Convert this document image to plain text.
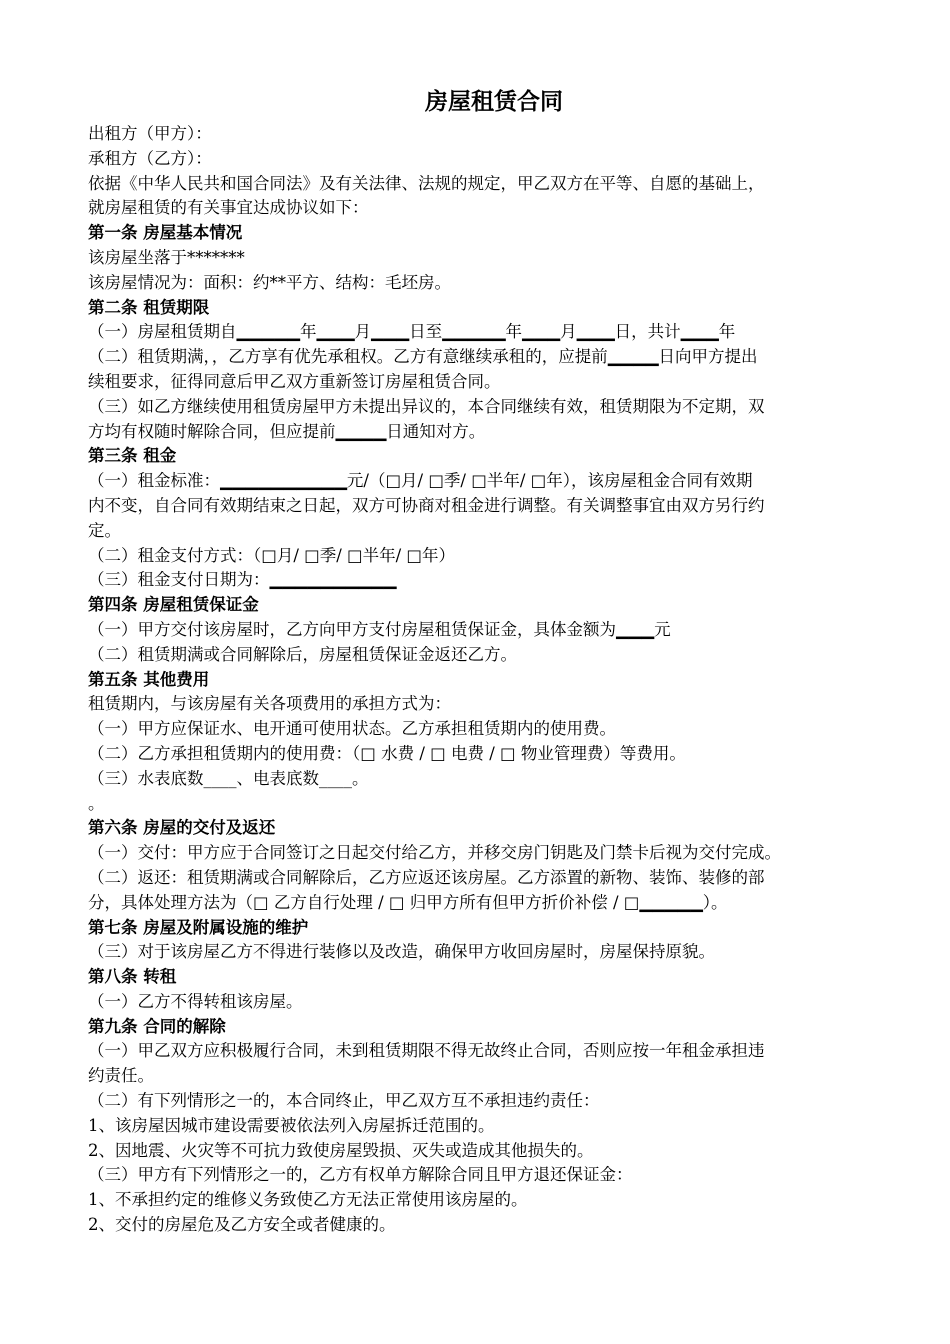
房屋租赁合同
出租方（甲方）：
承租方（乙方）：
依据《中华人民共和国合同法》及有关法律、法规的规定，甲乙双方在平等、自愿的基础上，
就房屋租赁的有关事宜达成协议如下：
第一条 房屋基本情况
该房屋坐落于*******
该房屋情况为：面积：约**平方、结构：毛坯房。
第二条 租赁期限
（一）房屋租赁期自▁▁▁▁▁年▁▁▁月▁▁▁日至▁▁▁▁▁年▁▁▁月▁▁▁日，共计▁▁▁年
（二）租赁期满，，乙方享有优先承租权。乙方有意继续承租的，应提前▁▁▁▁日向甲方提出
续租要求，征得同意后甲乙双方重新签订房屋租赁合同。
（三）如乙方继续使用租赁房屋甲方未提出异议的，本合同继续有效，租赁期限为不定期，双
方均有权随时解除合同，但应提前▁▁▁▁日通知对方。
第三条 租金
（一）租金标准：▁▁▁▁▁▁▁▁▁▁元/（□月/ □季/ □半年/ □年），该房屋租金合同有效期
内不变，自合同有效期结束之日起，双方可协商对租金进行调整。有关调整事宜由双方另行约
定。
（二）租金支付方式：（□月/ □季/ □半年/ □年）
（三）租金支付日期为：▁▁▁▁▁▁▁▁▁▁
第四条 房屋租赁保证金
（一）甲方交付该房屋时，乙方向甲方支付房屋租赁保证金，具体金额为▁▁▁元
（二）租赁期满或合同解除后，房屋租赁保证金返还乙方。
第五条 其他费用
租赁期内，与该房屋有关各项费用的承担方式为：
（一）甲方应保证水、电开通可使用状态。乙方承担租赁期内的使用费。
（二）乙方承担租赁期内的使用费：（□ 水费 / □ 电费 / □ 物业管理费）等费用。
（三）水表底数____、电表底数____。
。
第六条 房屋的交付及返还
（一）交付：甲方应于合同签订之日起交付给乙方，并移交房门钥匙及门禁卡后视为交付完成。
（二）返还：租赁期满或合同解除后，乙方应返还该房屋。乙方添置的新物、装饰、装修的部
分，具体处理方法为（□ 乙方自行处理 / □ 归甲方所有但甲方折价补偿 / □▁▁▁▁▁）。
第七条 房屋及附属设施的维护
（三）对于该房屋乙方不得进行装修以及改造，确保甲方收回房屋时，房屋保持原貌。
第八条 转租
（一）乙方不得转租该房屋。
第九条 合同的解除
（一）甲乙双方应积极履行合同，未到租赁期限不得无故终止合同，否则应按一年租金承担违
约责任。
（二）有下列情形之一的，本合同终止，甲乙双方互不承担违约责任：
1、该房屋因城市建设需要被依法列入房屋拆迁范围的。
2、因地震、火灾等不可抗力致使房屋毁损、灭失或造成其他损失的。
（三）甲方有下列情形之一的，乙方有权单方解除合同且甲方退还保证金：
1、不承担约定的维修义务致使乙方无法正常使用该房屋的。
2、交付的房屋危及乙方安全或者健康的。
